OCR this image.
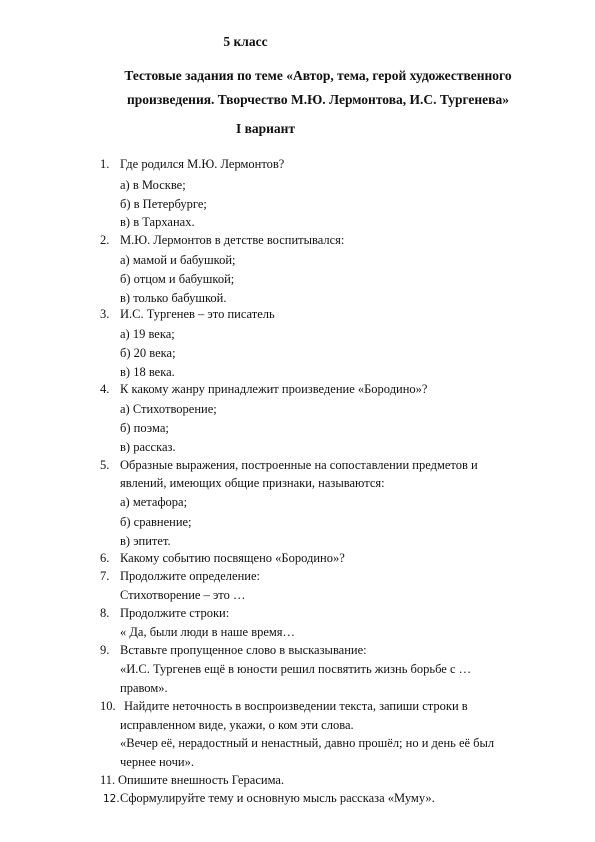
5 класс
Тестовые задания по теме «Автор, тема, герой художественного
произведения. Творчество М.Ю. Лермонтова, И.С. Тургенева»
I вариант
1. Где родился М.Ю. Лермонтов?
а) в Москве;
б) в Петербурге;
в) в Тарханах.
2. М.Ю. Лермонтов в детстве воспитывался:
а) мамой и бабушкой;
б) отцом и бабушкой;
в) только бабушкой.
3. И.С. Тургенев – это писатель
а) 19 века;
б) 20 века;
в) 18 века.
4. К какому жанру принадлежит произведение «Бородино»?
а) Стихотворение;
б) поэма;
в) рассказ.
5. Образные выражения, построенные на сопоставлении предметов и
явлений, имеющих общие признаки, называются:
а) метафора;
б) сравнение;
в) эпитет.
6. Какому событию посвящено «Бородино»?
7. Продолжите определение:
Стихотворение – это …
8. Продолжите строки:
« Да, были люди в наше время…
9. Вставьте пропущенное слово в высказывание:
«И.С. Тургенев ещё в юности решил посвятить жизнь борьбе с …
правом».
10. Найдите неточность в воспроизведении текста, запиши строки в
исправленном виде, укажи, о ком эти слова.
«Вечер её, нерадостный и ненастный, давно прошёл; но и день её был
чернее ночи».
11. Опишите внешность Герасима.
12. Сформулируйте тему и основную мысль рассказа «Муму».
